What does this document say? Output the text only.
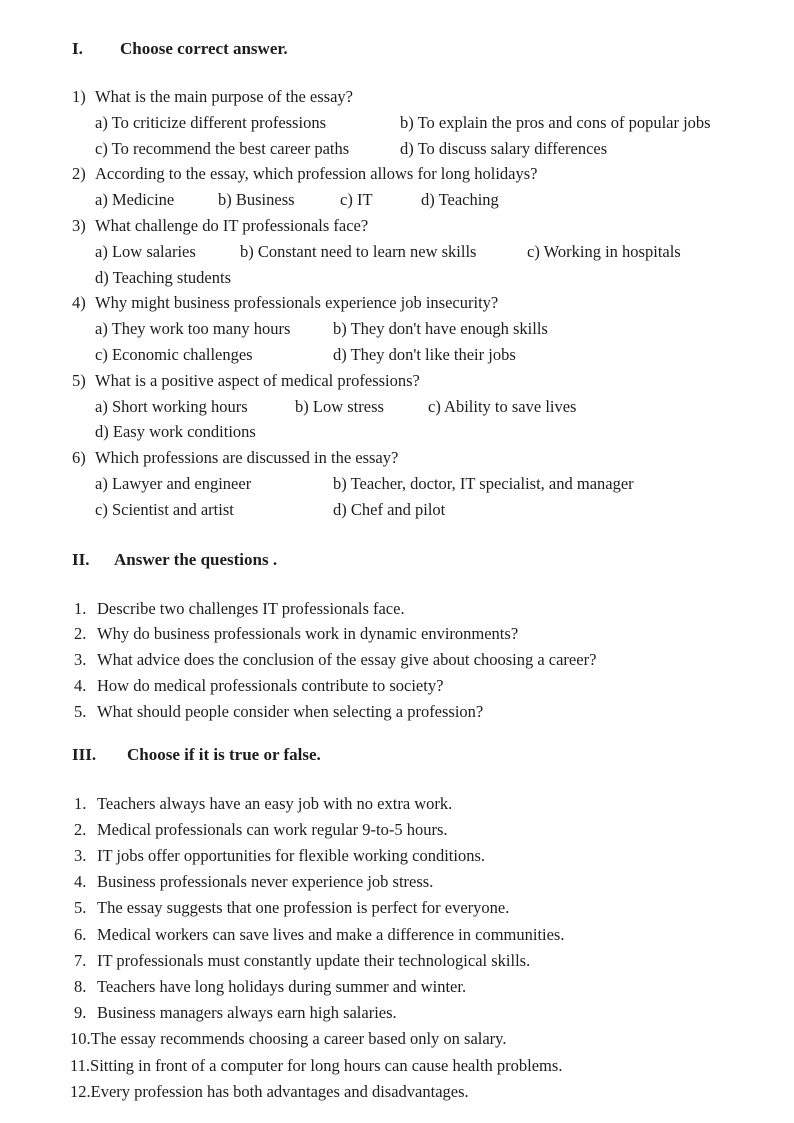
I.	Choose correct answer.
1) What is the main purpose of the essay?
a) To criticize different professions	b) To explain the pros and cons of popular jobs
c) To recommend the best career paths	d) To discuss salary differences
2) According to the essay, which profession allows for long holidays?
a) Medicine	b) Business	c) IT	d) Teaching
3) What challenge do IT professionals face?
a) Low salaries	b) Constant need to learn new skills	c) Working in hospitals
d) Teaching students
4) Why might business professionals experience job insecurity?
a) They work too many hours	b) They don't have enough skills
c) Economic challenges	d) They don't like their jobs
5) What is a positive aspect of medical professions?
a) Short working hours	b) Low stress	c) Ability to save lives
d) Easy work conditions
6) Which professions are discussed in the essay?
a) Lawyer and engineer	b) Teacher, doctor, IT specialist, and manager
c) Scientist and artist	d) Chef and pilot
II.	Answer the questions .
1. Describe two challenges IT professionals face.
2. Why do business professionals work in dynamic environments?
3. What advice does the conclusion of the essay give about choosing a career?
4. How do medical professionals contribute to society?
5. What should people consider when selecting a profession?
III.	Choose if it is true or false.
1. Teachers always have an easy job with no extra work.
2. Medical professionals can work regular 9-to-5 hours.
3. IT jobs offer opportunities for flexible working conditions.
4. Business professionals never experience job stress.
5. The essay suggests that one profession is perfect for everyone.
6. Medical workers can save lives and make a difference in communities.
7. IT professionals must constantly update their technological skills.
8. Teachers have long holidays during summer and winter.
9. Business managers always earn high salaries.
10. The essay recommends choosing a career based only on salary.
11. Sitting in front of a computer for long hours can cause health problems.
12. Every profession has both advantages and disadvantages.
